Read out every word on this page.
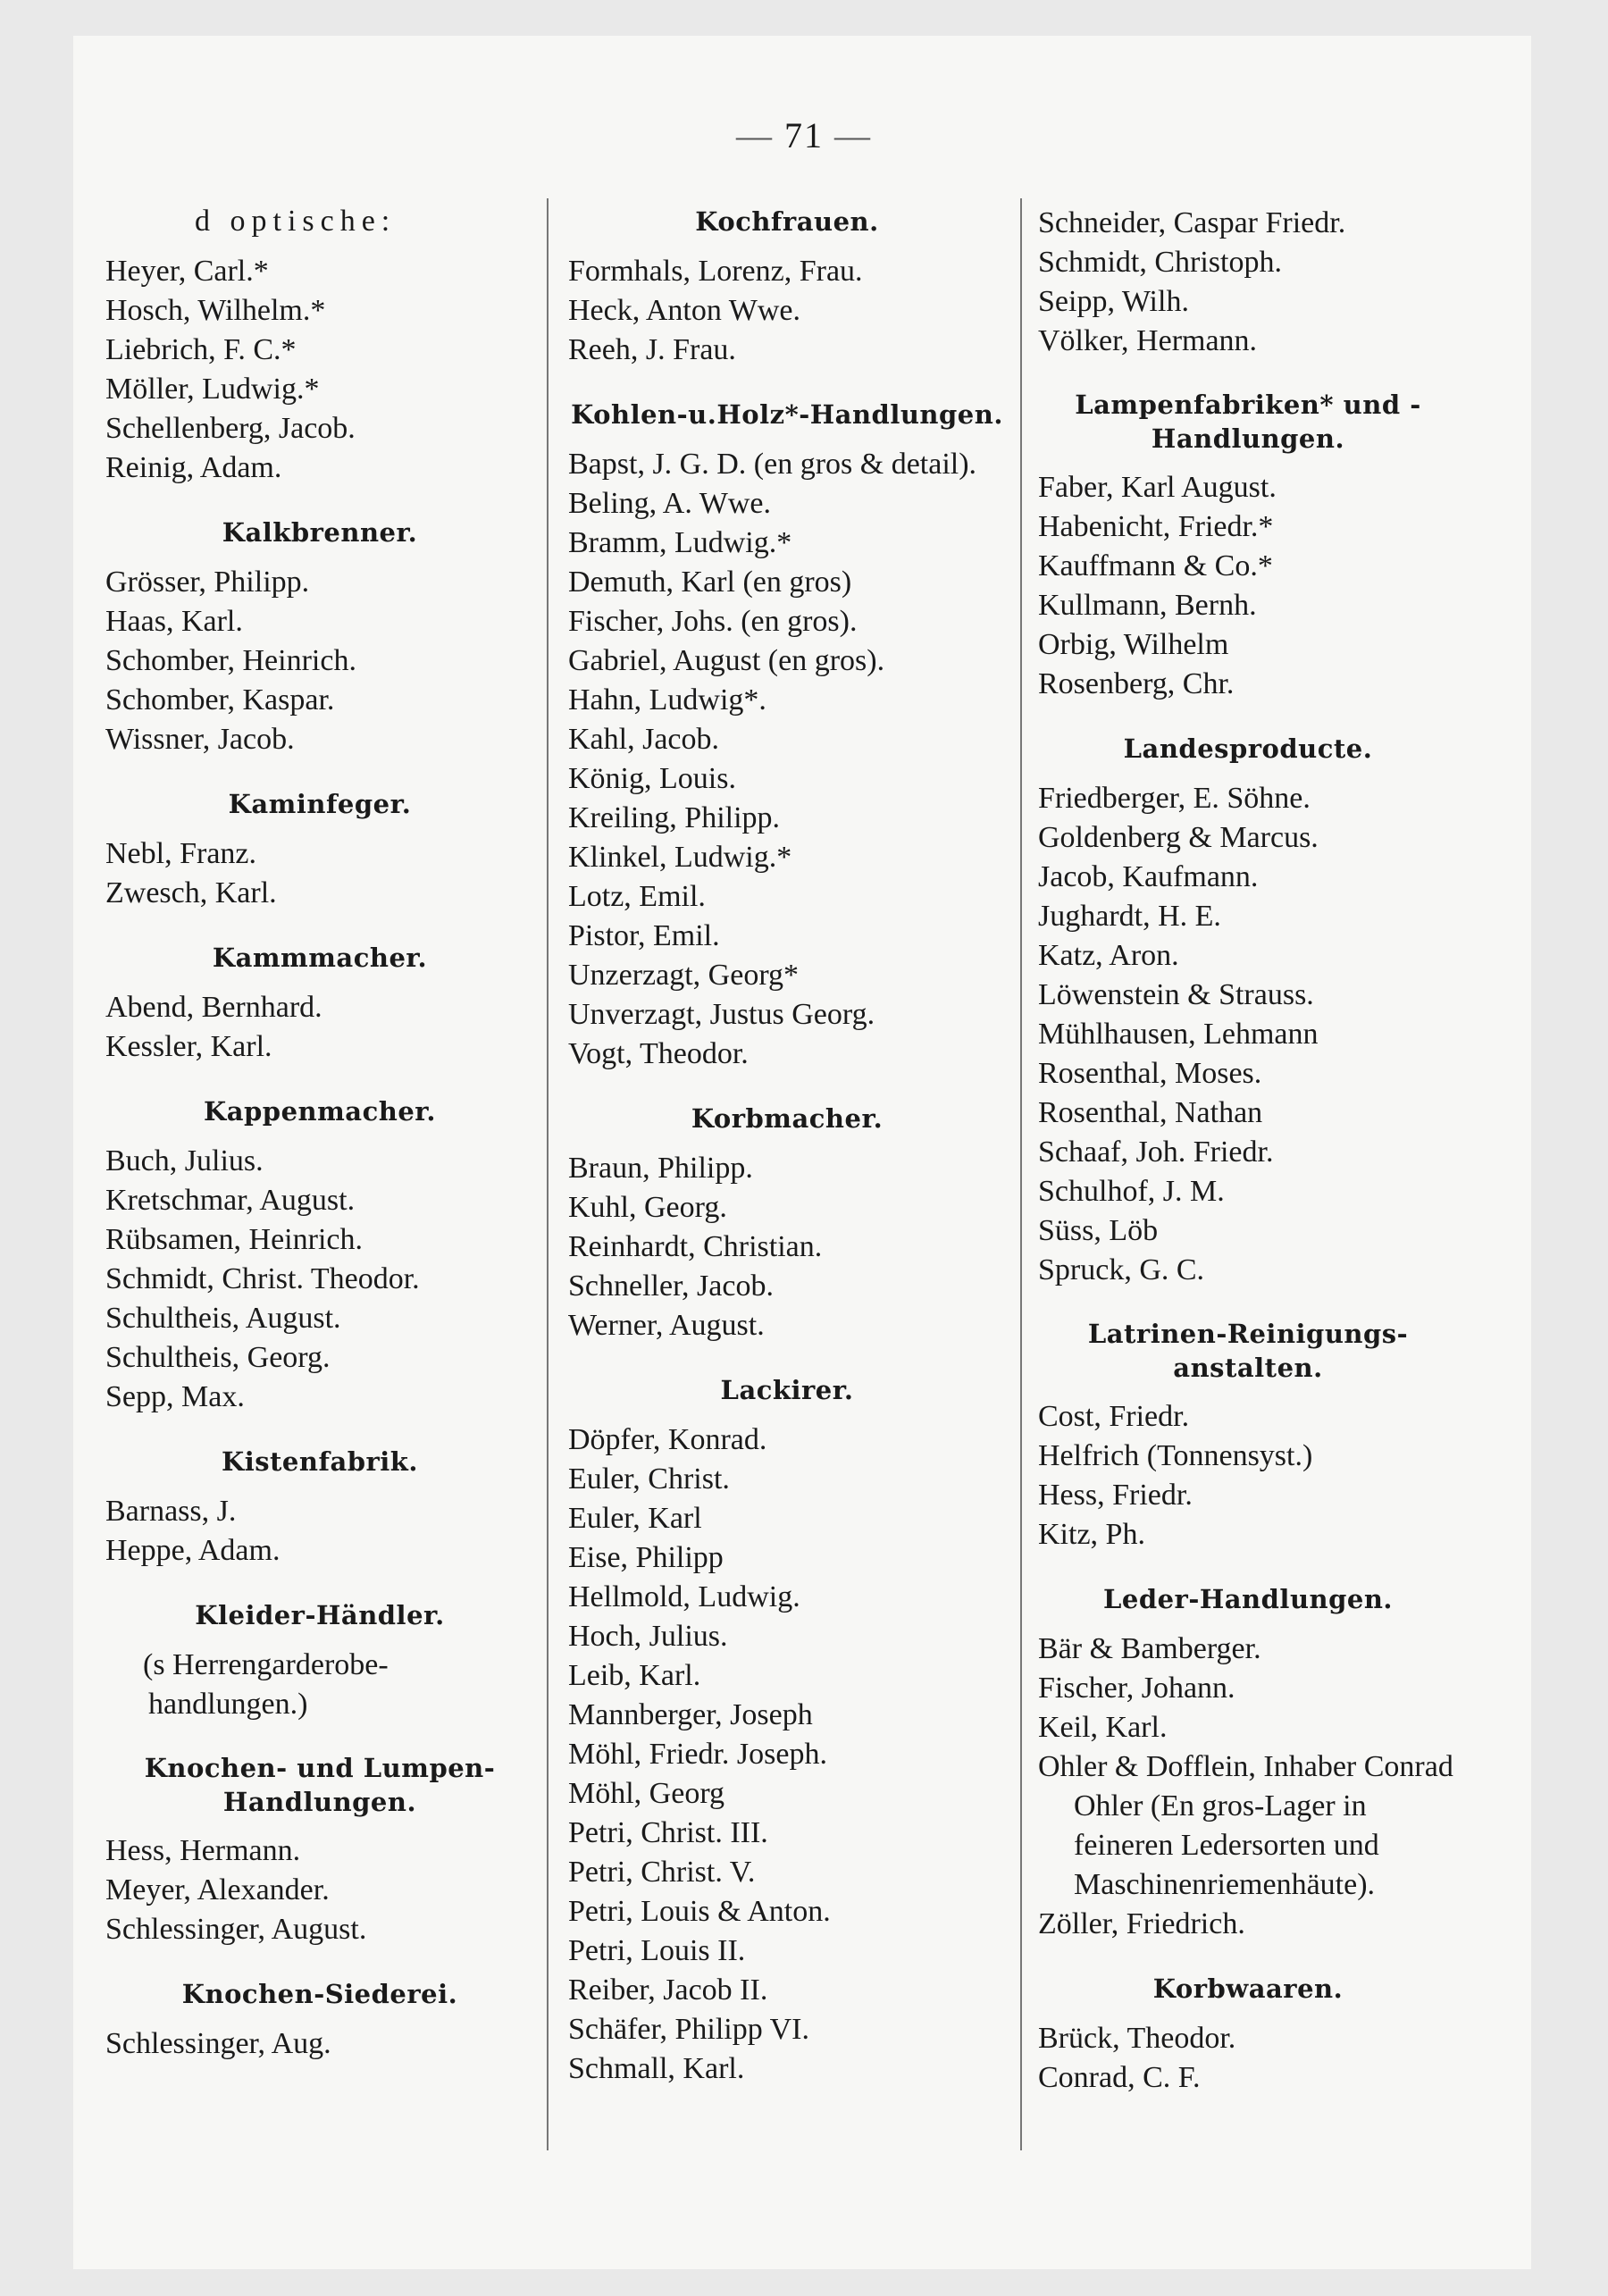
— 71 —
d optische:
Heyer, Carl.*
Hosch, Wilhelm.*
Liebrich, F. C.*
Möller, Ludwig.*
Schellenberg, Jacob.
Reinig, Adam.
Kalkbrenner.
Grösser, Philipp.
Haas, Karl.
Schomber, Heinrich.
Schomber, Kaspar.
Wissner, Jacob.
Kaminfeger.
Nebl, Franz.
Zwesch, Karl.
Kammmacher.
Abend, Bernhard.
Kessler, Karl.
Kappenmacher.
Buch, Julius.
Kretschmar, August.
Rübsamen, Heinrich.
Schmidt, Christ. Theodor.
Schultheis, August.
Schultheis, Georg.
Sepp, Max.
Kistenfabrik.
Barnass, J.
Heppe, Adam.
Kleider-Händler.
(s Herrengarderobe-handlungen.)
Knochen- und Lumpen-Handlungen.
Hess, Hermann.
Meyer, Alexander.
Schlessinger, August.
Knochen-Siederei.
Schlessinger, Aug.
Kochfrauen.
Formhals, Lorenz, Frau.
Heck, Anton Wwe.
Reeh, J. Frau.
Kohlen-u.Holz*-Handlungen.
Bapst, J. G. D. (en gros & detail).
Beling, A. Wwe.
Bramm, Ludwig.*
Demuth, Karl (en gros)
Fischer, Johs. (en gros).
Gabriel, August (en gros).
Hahn, Ludwig*.
Kahl, Jacob.
König, Louis.
Kreiling, Philipp.
Klinkel, Ludwig.*
Lotz, Emil.
Pistor, Emil.
Unzerzagt, Georg*
Unverzagt, Justus Georg.
Vogt, Theodor.
Korbmacher.
Braun, Philipp.
Kuhl, Georg.
Reinhardt, Christian.
Schneller, Jacob.
Werner, August.
Lackirer.
Döpfer, Konrad.
Euler, Christ.
Euler, Karl
Eise, Philipp
Hellmold, Ludwig.
Hoch, Julius.
Leib, Karl.
Mannberger, Joseph
Möhl, Friedr. Joseph.
Möhl, Georg
Petri, Christ. III.
Petri, Christ. V.
Petri, Louis & Anton.
Petri, Louis II.
Reiber, Jacob II.
Schäfer, Philipp VI.
Schmall, Karl.
Schneider, Caspar Friedr.
Schmidt, Christoph.
Seipp, Wilh.
Völker, Hermann.
Lampenfabriken* und -Handlungen.
Faber, Karl August.
Habenicht, Friedr.*
Kauffmann & Co.*
Kullmann, Bernh.
Orbig, Wilhelm
Rosenberg, Chr.
Landesproducte.
Friedberger, E. Söhne.
Goldenberg & Marcus.
Jacob, Kaufmann.
Jughardt, H. E.
Katz, Aron.
Löwenstein & Strauss.
Mühlhausen, Lehmann
Rosenthal, Moses.
Rosenthal, Nathan
Schaaf, Joh. Friedr.
Schulhof, J. M.
Süss, Löb
Spruck, G. C.
Latrinen-Reinigungs-anstalten.
Cost, Friedr.
Helfrich (Tonnensyst.)
Hess, Friedr.
Kitz, Ph.
Leder-Handlungen.
Bär & Bamberger.
Fischer, Johann.
Keil, Karl.
Ohler & Dofflein, Inhaber Conrad Ohler (En gros-Lager in feineren Ledersorten und Maschinenriemenhäute).
Zöller, Friedrich.
Korbwaaren.
Brück, Theodor.
Conrad, C. F.
